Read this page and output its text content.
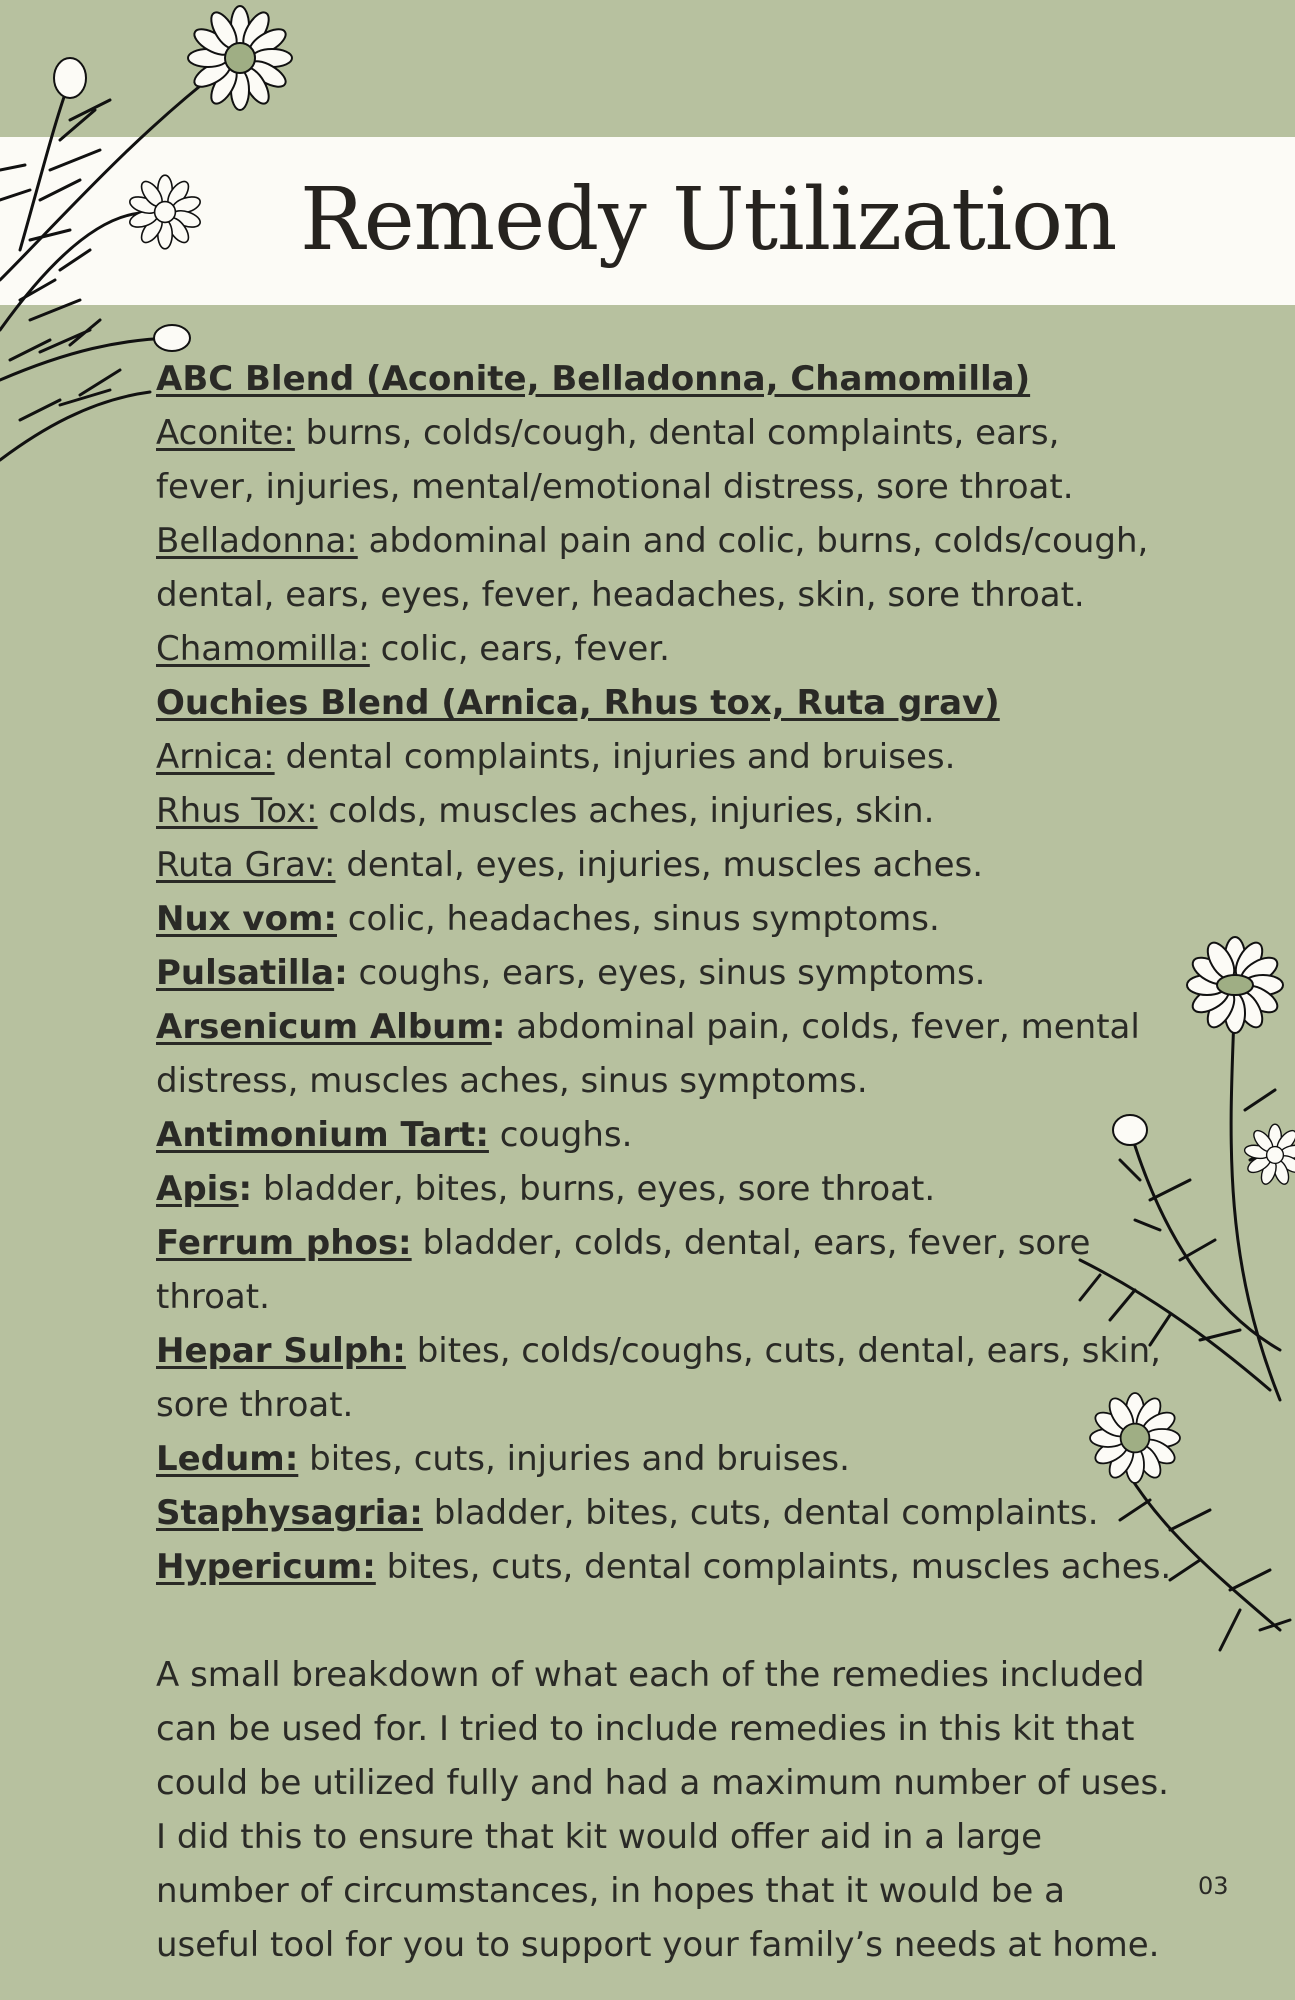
Remedy Utilization
ABC Blend (Aconite, Belladonna, Chamomilla)
Aconite: burns, colds/cough, dental complaints, ears,
fever, injuries, mental/emotional distress, sore throat.
Belladonna: abdominal pain and colic, burns, colds/cough,
dental, ears, eyes, fever, headaches, skin, sore throat.
Chamomilla: colic, ears, fever.
Ouchies Blend (Arnica, Rhus tox, Ruta grav)
Arnica: dental complaints, injuries and bruises.
Rhus Tox: colds, muscles aches, injuries, skin.
Ruta Grav: dental, eyes, injuries, muscles aches.
Nux vom: colic, headaches, sinus symptoms.
Pulsatilla: coughs, ears, eyes, sinus symptoms.
Arsenicum Album: abdominal pain, colds, fever, mental
distress, muscles aches, sinus symptoms.
Antimonium Tart: coughs.
Apis: bladder, bites, burns, eyes, sore throat.
Ferrum phos: bladder, colds, dental, ears, fever, sore
throat.
Hepar Sulph: bites, colds/coughs, cuts, dental, ears, skin,
sore throat.
Ledum: bites, cuts, injuries and bruises.
Staphysagria: bladder, bites, cuts, dental complaints.
Hypericum: bites, cuts, dental complaints, muscles aches.
A small breakdown of what each of the remedies included
can be used for. I tried to include remedies in this kit that
could be utilized fully and had a maximum number of uses.
I did this to ensure that kit would offer aid in a large
number of circumstances, in hopes that it would be a
useful tool for you to support your family’s needs at home.
03
